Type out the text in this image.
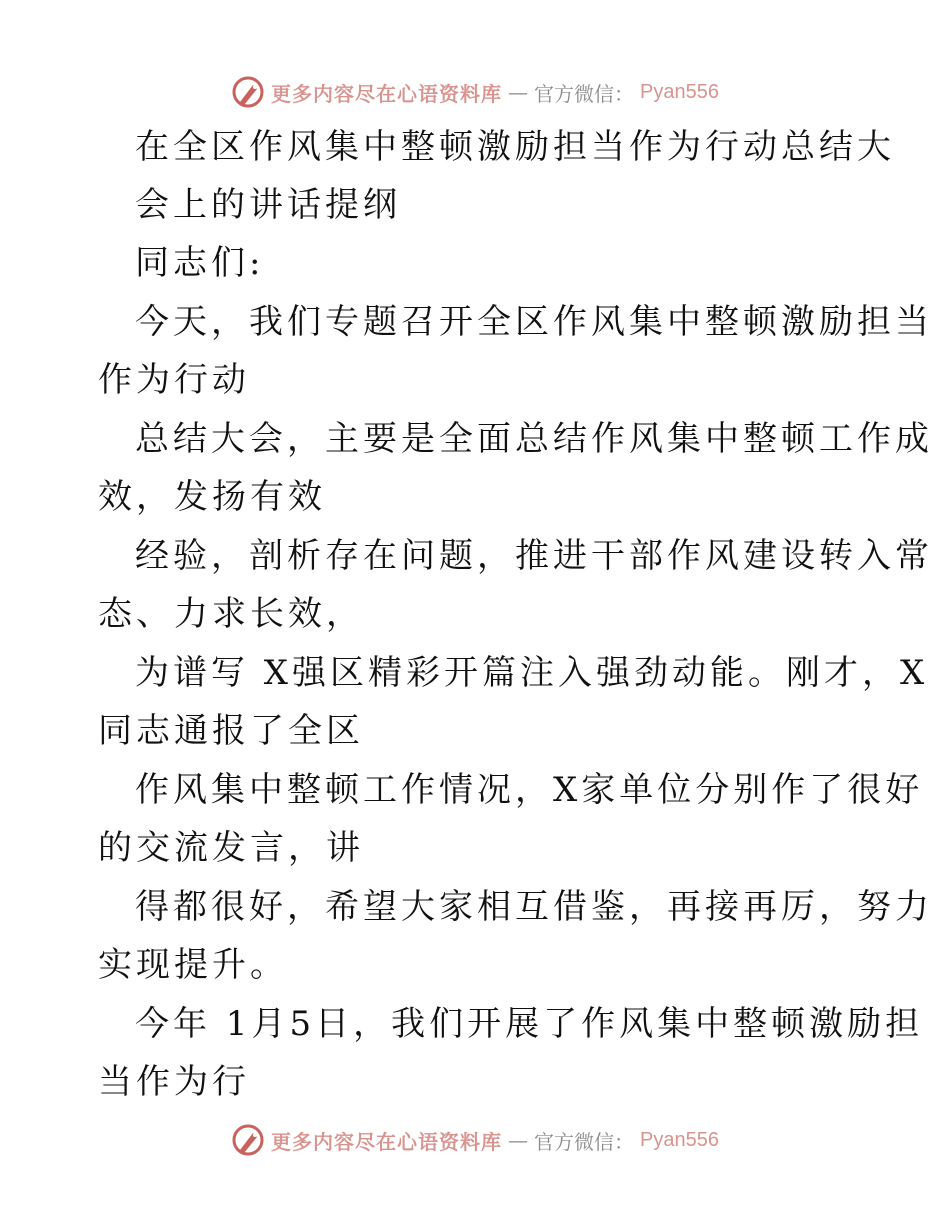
更多内容尽在心语资料库 — 官方微信： Pyan556
在全区作风集中整顿激励担当作为行动总结大
会上的讲话提纲
同志们:
今天，我们专题召开全区作风集中整顿激励担当
作为行动
总结大会，主要是全面总结作风集中整顿工作成
效，发扬有效
经验，剖析存在问题，推进干部作风建设转入常
态、力求长效，
为谱写 X强区精彩开篇注入强劲动能。刚才，X
同志通报了全区
作风集中整顿工作情况，X家单位分别作了很好
的交流发言，讲
得都很好，希望大家相互借鉴，再接再厉，努力
实现提升。
今年 1月5日，我们开展了作风集中整顿激励担
当作为行
更多内容尽在心语资料库 — 官方微信： Pyan556
